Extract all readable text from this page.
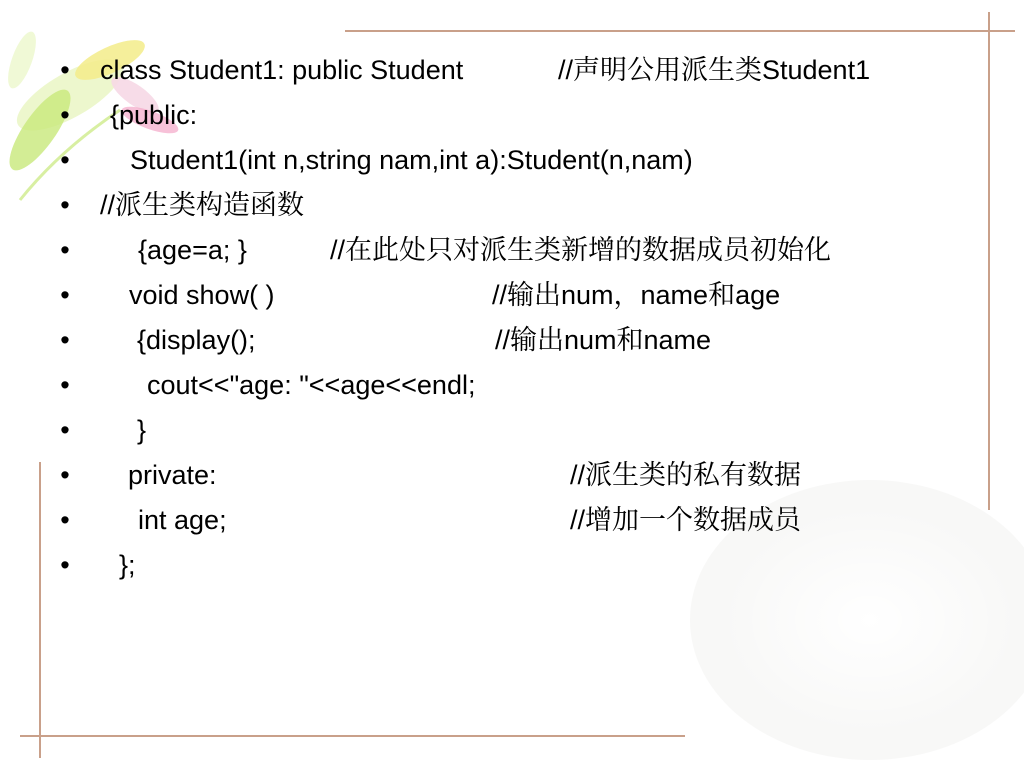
•

class Student1: public Student

	//声明公用派生类Student1

•

{public:

•

Student1(int n,string nam,int a):Student(n,nam)

•

//派生类构造函数

•

	{age=a; }

	//在此处只对派生类新增的数据成员初始化

•

void show( )

	//输出num，name和age

•

{display();

	//输出num和name

•

	cout<<"age: "<<age<<endl;

•

}

•

private:

	//派生类的私有数据

•

	int age;

	//增加一个数据成员

•

};
